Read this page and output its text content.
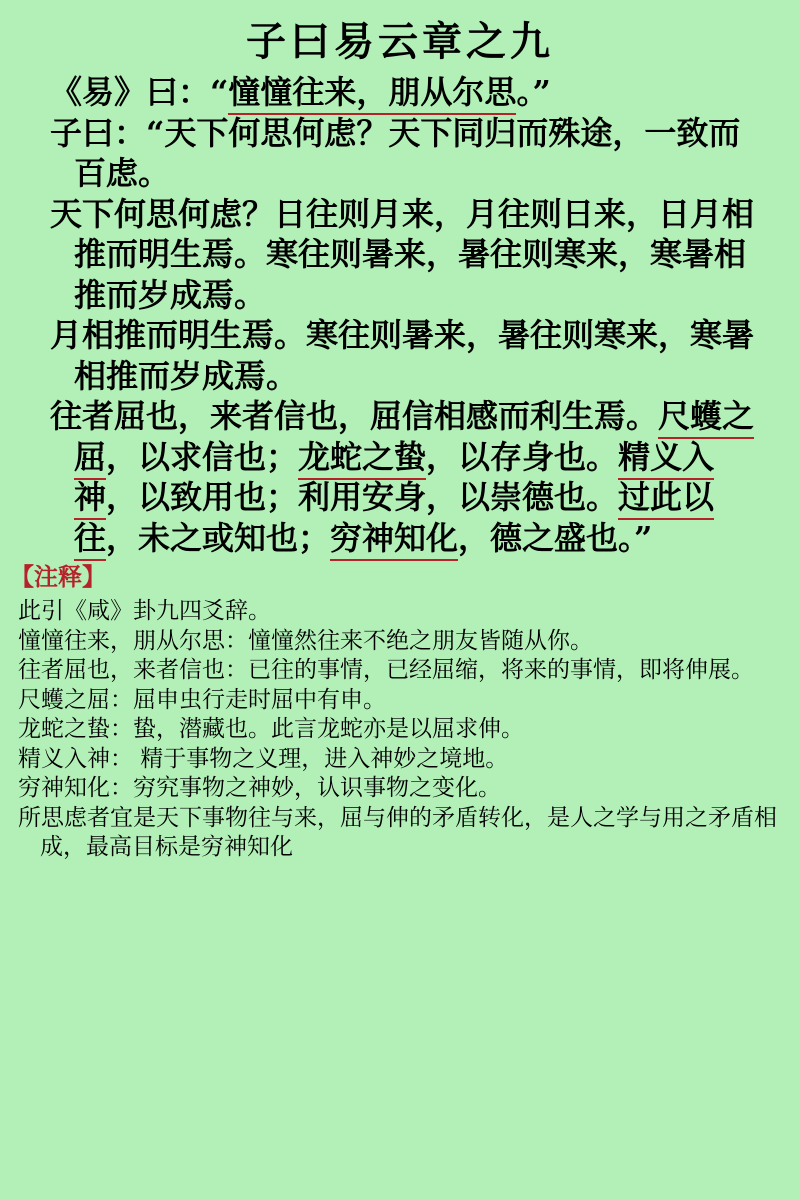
子曰易云章之九

《易》曰：“憧憧往来，朋从尔思。”

子曰：“天下何思何虑？天下同归而殊途，一致而百虑。

天下何思何虑？日往则月来，月往则日来，日月相推而明生焉。寒往则暑来，暑往则寒来，寒暑相推而岁成焉。

月相推而明生焉。寒往则暑来，暑往则寒来，寒暑相推而岁成焉。

往者屈也，来者信也，屈信相感而利生焉。尺蠖之屈，以求信也；龙蛇之蛰，以存身也。精义入神，以致用也；利用安身，以崇德也。过此以往，未之或知也；穷神知化，德之盛也。”

【注释】

此引《咸》卦九四爻辞。

憧憧往来，朋从尔思：憧憧然往来不绝之朋友皆随从你。

往者屈也，来者信也：已往的事情，已经屈缩，将来的事情，即将伸展。

尺蠖之屈：屈申虫行走时屈中有申。

龙蛇之蛰：蛰，潜藏也。此言龙蛇亦是以屈求伸。

精义入神： 精于事物之义理，进入神妙之境地。

穷神知化：穷究事物之神妙，认识事物之变化。

所思虑者宜是天下事物往与来，屈与伸的矛盾转化，是人之学与用之矛盾相成，最高目标是穷神知化
